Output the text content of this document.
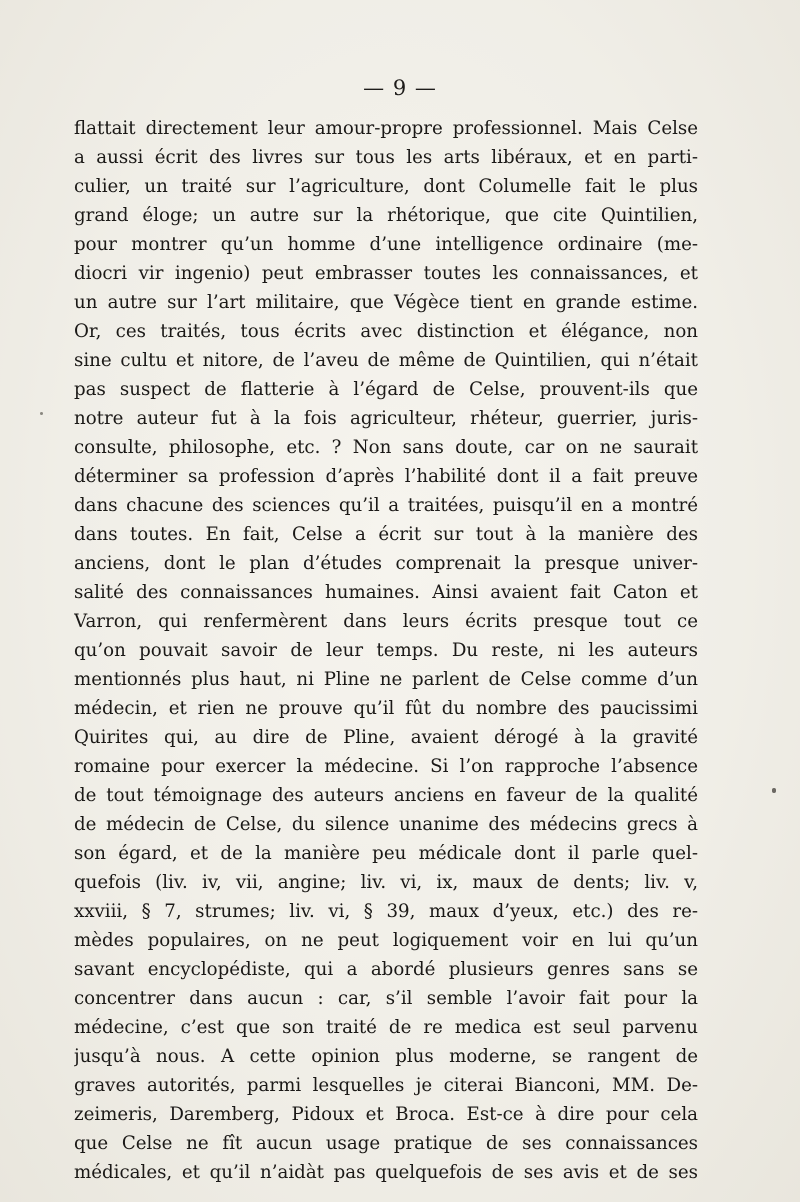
— 9 —
flattait directement leur amour-propre professionnel. Mais Celse
a aussi écrit des livres sur tous les arts libéraux, et en parti-
culier, un traité sur l’agriculture, dont Columelle fait le plus
grand éloge; un autre sur la rhétorique, que cite Quintilien,
pour montrer qu’un homme d’une intelligence ordinaire (me-
diocri vir ingenio) peut embrasser toutes les connaissances, et
un autre sur l’art militaire, que Végèce tient en grande estime.
Or, ces traités, tous écrits avec distinction et élégance, non
sine cultu et nitore, de l’aveu de même de Quintilien, qui n’était
pas suspect de flatterie à l’égard de Celse, prouvent-ils que
notre auteur fut à la fois agriculteur, rhéteur, guerrier, juris-
consulte, philosophe, etc. ? Non sans doute, car on ne saurait
déterminer sa profession d’après l’habilité dont il a fait preuve
dans chacune des sciences qu’il a traitées, puisqu’il en a montré
dans toutes. En fait, Celse a écrit sur tout à la manière des
anciens, dont le plan d’études comprenait la presque univer-
salité des connaissances humaines. Ainsi avaient fait Caton et
Varron, qui renfermèrent dans leurs écrits presque tout ce
qu’on pouvait savoir de leur temps. Du reste, ni les auteurs
mentionnés plus haut, ni Pline ne parlent de Celse comme d’un
médecin, et rien ne prouve qu’il fût du nombre des paucissimi
Quirites qui, au dire de Pline, avaient dérogé à la gravité
romaine pour exercer la médecine. Si l’on rapproche l’absence
de tout témoignage des auteurs anciens en faveur de la qualité
de médecin de Celse, du silence unanime des médecins grecs à
son égard, et de la manière peu médicale dont il parle quel-
quefois (liv. iv, vii, angine; liv. vi, ix, maux de dents; liv. v,
xxviii, § 7, strumes; liv. vi, § 39, maux d’yeux, etc.) des re-
mèdes populaires, on ne peut logiquement voir en lui qu’un
savant encyclopédiste, qui a abordé plusieurs genres sans se
concentrer dans aucun : car, s’il semble l’avoir fait pour la
médecine, c’est que son traité de re medica est seul parvenu
jusqu’à nous. A cette opinion plus moderne, se rangent de
graves autorités, parmi lesquelles je citerai Bianconi, MM. De-
zeimeris, Daremberg, Pidoux et Broca. Est-ce à dire pour cela
que Celse ne fît aucun usage pratique de ses connaissances
médicales, et qu’il n’aidàt pas quelquefois de ses avis et de ses
